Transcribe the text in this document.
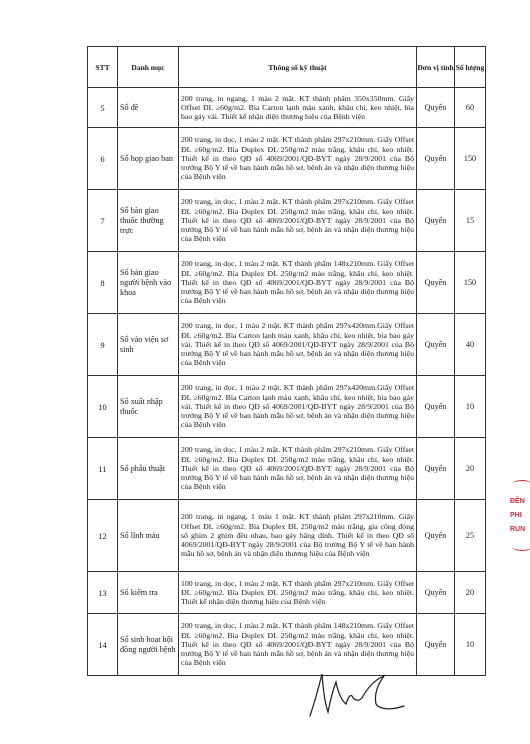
STT	Danh mục	Thông số kỹ thuật	Đơn vị tính	Số lượng
5	Sổ đề	200 trang, in ngang, 1 màu 2 mặt. KT thành phẩm 350x350mm. Giấy Offset ĐL ≥60g/m2. Bìa Carton lạnh màu xanh, khâu chỉ, keo nhiệt, bìa bao gáy vải. Thiết kế nhận diện thương hiệu của Bệnh viện	Quyển	60
6	Sổ họp giao ban	200 trang, in dọc, 1 màu 2 mặt. KT thành phẩm 297x210mm. Giấy Offset ĐL ≥60g/m2. Bìa Duplex ĐL 250g/m2 màu trắng, khâu chỉ, keo nhiệt. Thiết kế in theo QĐ số 4069/2001/QĐ-BYT ngày 28/9/2001 của Bộ trưởng Bộ Y tế về ban hành mẫu hồ sơ, bệnh án và nhận diện thương hiệu của Bệnh viện	Quyển	150
7	Sổ bàn giao thuốc thường trực	200 trang, in dọc, 1 màu 2 mặt. KT thành phẩm 297x210mm. Giấy Offset ĐL ≥60g/m2. Bìa Duplex ĐL 250g/m2 màu trắng, khâu chỉ, keo nhiệt. Thiết kế in theo QĐ số 4069/2001/QĐ-BYT ngày 28/9/2001 của Bộ trưởng Bộ Y tế về ban hành mẫu hồ sơ, bệnh án và nhận diện thương hiệu của Bệnh viện	Quyển	15
8	Sổ bàn giao người bệnh vào khoa	200 trang, in dọc, 1 màu 2 mặt. KT thành phẩm 148x210mm. Giấy Offset ĐL ≥60g/m2. Bìa Duplex ĐL 250g/m2 màu trắng, khâu chỉ, keo nhiệt. Thiết kế in theo QĐ số 4069/2001/QĐ-BYT ngày 28/9/2001 của Bộ trưởng Bộ Y tế về ban hành mẫu hồ sơ, bệnh án và nhận diện thương hiệu của Bệnh viện	Quyển	150
9	Sổ vào viện sơ sinh	200 trang, in dọc, 1 màu 2 mặt. KT thành phẩm 297x420mm.Giấy Offset ĐL ≥60g/m2. Bìa Carton lạnh màu xanh, khâu chỉ, keo nhiệt, bìa bao gáy vải. Thiết kế in theo QĐ số 4069/2001/QĐ-BYT ngày 28/9/2001 của Bộ trưởng Bộ Y tế về ban hành mẫu hồ sơ, bệnh án và nhận diện thương hiệu của Bệnh viện	Quyển	40
10	Sổ xuất nhập thuốc	200 trang, in dọc, 1 màu 2 mặt. KT thành phẩm 297x420mm.Giấy Offset ĐL ≥60g/m2. Bìa Carton lạnh màu xanh, khâu chỉ, keo nhiệt, bìa bao gáy vải. Thiết kế in theo QĐ số 4069/2001/QĐ-BYT ngày 28/9/2001 của Bộ trưởng Bộ Y tế về ban hành mẫu hồ sơ, bệnh án và nhận diện thương hiệu của Bệnh viện	Quyển	10
11	Sổ phẫu thuật	200 trang, in dọc, 1 màu 2 mặt. KT thành phẩm 297x210mm. Giấy Offset ĐL ≥60g/m2. Bìa Duplex ĐL 250g/m2 màu trắng, khâu chỉ, keo nhiệt. Thiết kế in theo QĐ số 4069/2001/QĐ-BYT ngày 28/9/2001 của Bộ trưởng Bộ Y tế về ban hành mẫu hồ sơ, bệnh án và nhận diện thương hiệu của Bệnh viện	Quyển	20
12	Sổ lĩnh máu	200 trang, in ngang, 1 màu 1 mặt. KT thành phẩm 297x210mm. Giấy Offset ĐL ≥60g/m2. Bìa Duplex ĐL 250g/m2 màu trắng, gia công đóng sổ ghim 2 ghim đều nhau, bao gáy băng dính. Thiết kế in theo QĐ số 4069/2001/QĐ-BYT ngày 28/9/2001 của Bộ trưởng Bộ Y tế về ban hành mẫu hồ sơ, bệnh án và nhận diện thương hiệu của Bệnh viện	Quyển	25
13	Sổ kiểm tra	100 trang, in dọc, 1 màu 2 mặt. KT thành phẩm 297x210mm. Giấy Offset ĐL ≥60g/m2. Bìa Duplex ĐL 250g/m2 màu trắng, khâu chỉ, keo nhiệt. Thiết kế nhận diện thương hiệu của Bệnh viện	Quyển	20
14	Sổ sinh hoạt hội đồng người bệnh	200 trang, in dọc, 1 màu 2 mặt. KT thành phẩm 148x210mm. Giấy Offset ĐL ≥60g/m2. Bìa Duplex ĐL 250g/m2 màu trắng, khâu chỉ, keo nhiệt. Thiết kế in theo QĐ số 4069/2001/QĐ-BYT ngày 28/9/2001 của Bộ trưởng Bộ Y tế về ban hành mẫu hồ sơ, bệnh án và nhận diện thương hiệu của Bệnh viện	Quyển	10
ĐÊN
PHI
RUN
